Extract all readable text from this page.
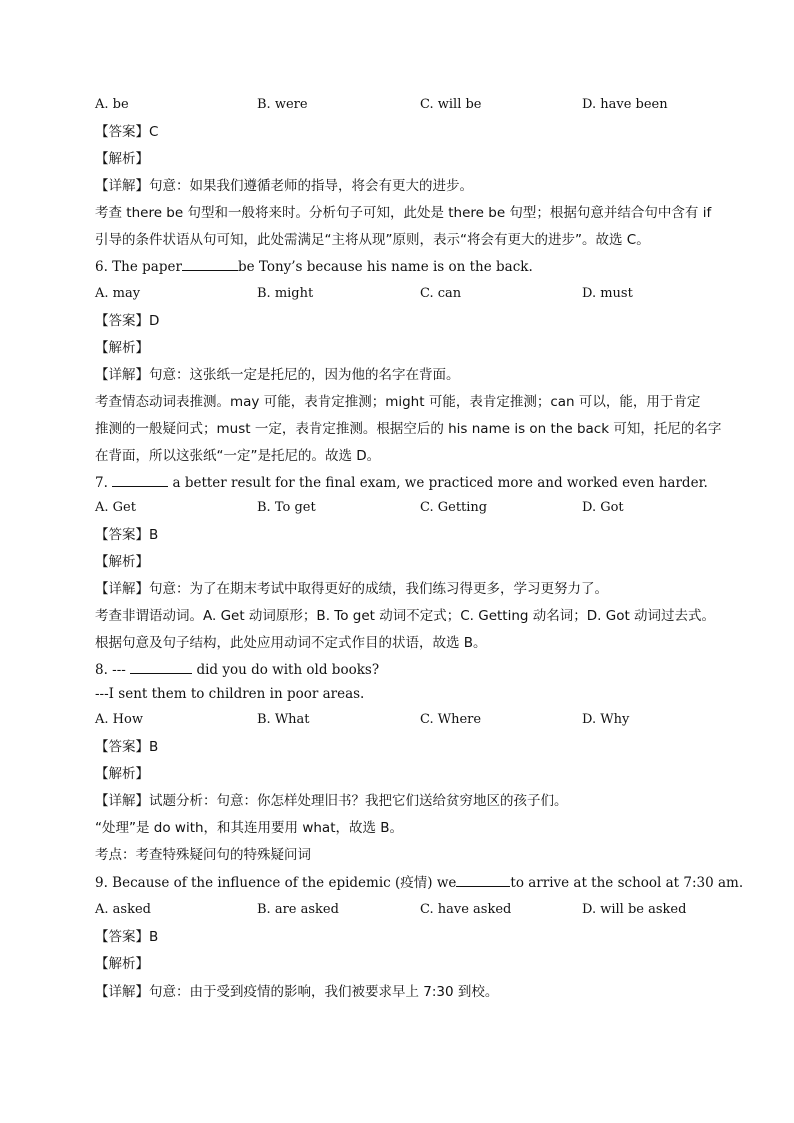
A. be	B. were	C. will be	D. have been
【答案】C
【解析】
【详解】句意：如果我们遵循老师的指导，将会有更大的进步。
考查 there be 句型和一般将来时。分析句子可知，此处是 there be 句型；根据句意并结合句中含有 if
引导的条件状语从句可知，此处需满足“主将从现”原则，表示“将会有更大的进步”。故选 C。
6. The paper	be Tony’s because his name is on the back.
A. may	B. might	C. can	D. must
【答案】D
【解析】
【详解】句意：这张纸一定是托尼的，因为他的名字在背面。
考查情态动词表推测。may 可能，表肯定推测；might 可能，表肯定推测；can 可以，能，用于肯定
推测的一般疑问式；must 一定，表肯定推测。根据空后的 his name is on the back 可知，托尼的名字
在背面，所以这张纸“一定”是托尼的。故选 D。
7.	a better result for the final exam, we practiced more and worked even harder.
A. Get	B. To get	C. Getting	D. Got
【答案】B
【解析】
【详解】句意：为了在期末考试中取得更好的成绩，我们练习得更多，学习更努力了。
考查非谓语动词。A. Get 动词原形；B. To get 动词不定式；C. Getting 动名词；D. Got 动词过去式。
根据句意及句子结构，此处应用动词不定式作目的状语，故选 B。
8. ---	did you do with old books?
---I sent them to children in poor areas.
A. How	B. What	C. Where	D. Why
【答案】B
【解析】
【详解】试题分析：句意：你怎样处理旧书？我把它们送给贫穷地区的孩子们。
“处理”是 do with，和其连用要用 what，故选 B。
考点：考查特殊疑问句的特殊疑问词
9. Because of the influence of the epidemic (疫情) we	to arrive at the school at 7:30 am.
A. asked	B. are asked	C. have asked	D. will be asked
【答案】B
【解析】
【详解】句意：由于受到疫情的影响，我们被要求早上 7:30 到校。
